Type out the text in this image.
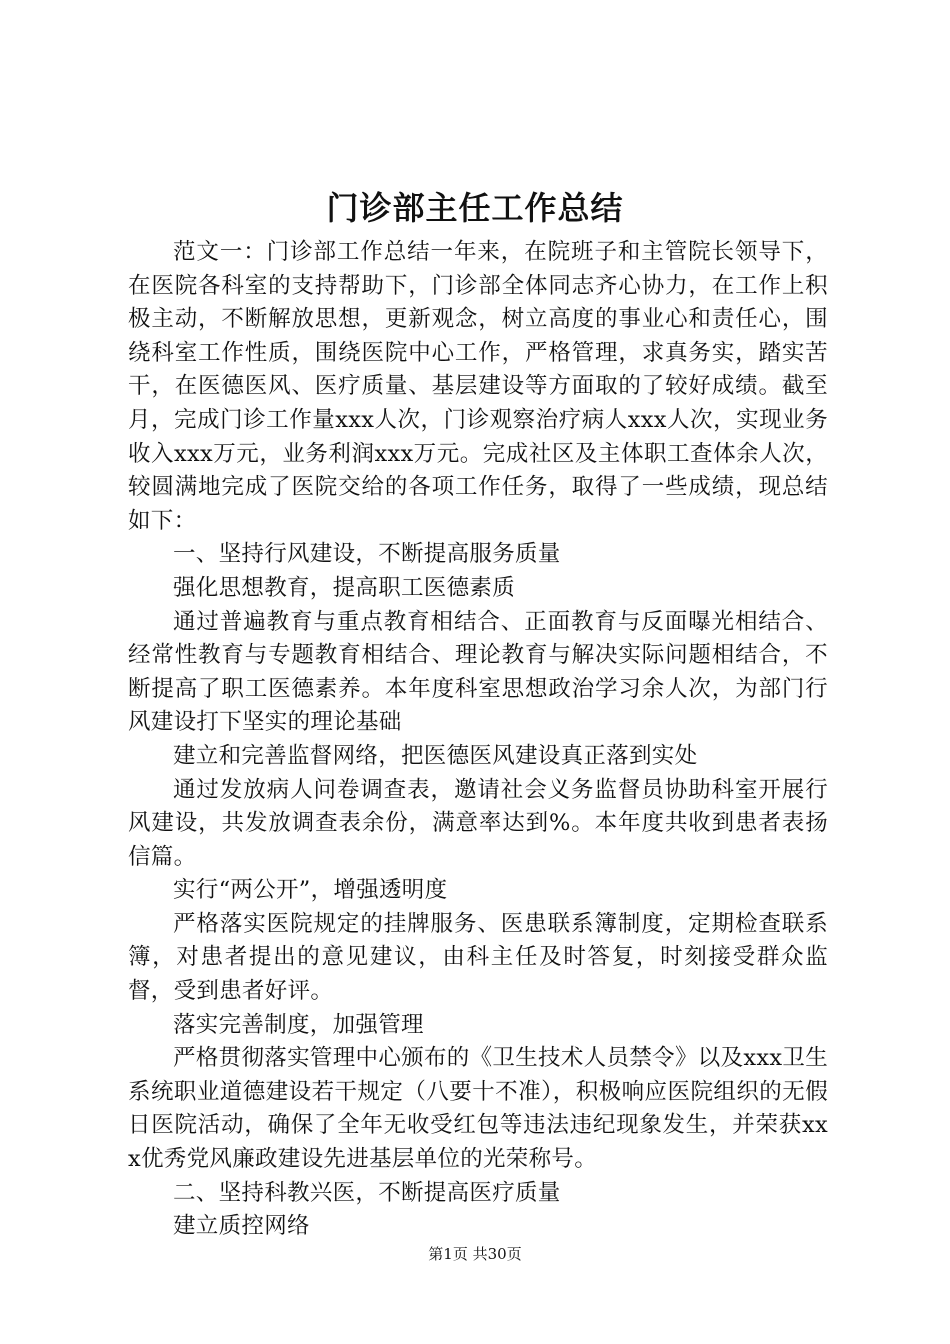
门诊部主任工作总结

范文一：门诊部工作总结一年来，在院班子和主管院长领导下，在医院各科室的支持帮助下，门诊部全体同志齐心协力，在工作上积极主动，不断解放思想，更新观念，树立高度的事业心和责任心，围绕科室工作性质，围绕医院中心工作，严格管理，求真务实，踏实苦干，在医德医风、医疗质量、基层建设等方面取的了较好成绩。截至月，完成门诊工作量xxx人次，门诊观察治疗病人xxx人次，实现业务收入xxx万元，业务利润xxx万元。完成社区及主体职工查体余人次，较圆满地完成了医院交给的各项工作任务，取得了一些成绩，现总结如下：

一、坚持行风建设，不断提高服务质量

强化思想教育，提高职工医德素质

通过普遍教育与重点教育相结合、正面教育与反面曝光相结合、经常性教育与专题教育相结合、理论教育与解决实际问题相结合，不断提高了职工医德素养。本年度科室思想政治学习余人次，为部门行风建设打下坚实的理论基础

建立和完善监督网络，把医德医风建设真正落到实处

通过发放病人问卷调查表，邀请社会义务监督员协助科室开展行风建设，共发放调查表余份，满意率达到%。本年度共收到患者表扬信篇。

实行“两公开”，增强透明度

严格落实医院规定的挂牌服务、医患联系簿制度，定期检查联系簿，对患者提出的意见建议，由科主任及时答复，时刻接受群众监督，受到患者好评。

落实完善制度，加强管理

严格贯彻落实管理中心颁布的《卫生技术人员禁令》以及xxx卫生系统职业道德建设若干规定（八要十不准），积极响应医院组织的无假日医院活动，确保了全年无收受红包等违法违纪现象发生，并荣获xxx优秀党风廉政建设先进基层单位的光荣称号。

二、坚持科教兴医，不断提高医疗质量

建立质控网络

第1页 共30页
